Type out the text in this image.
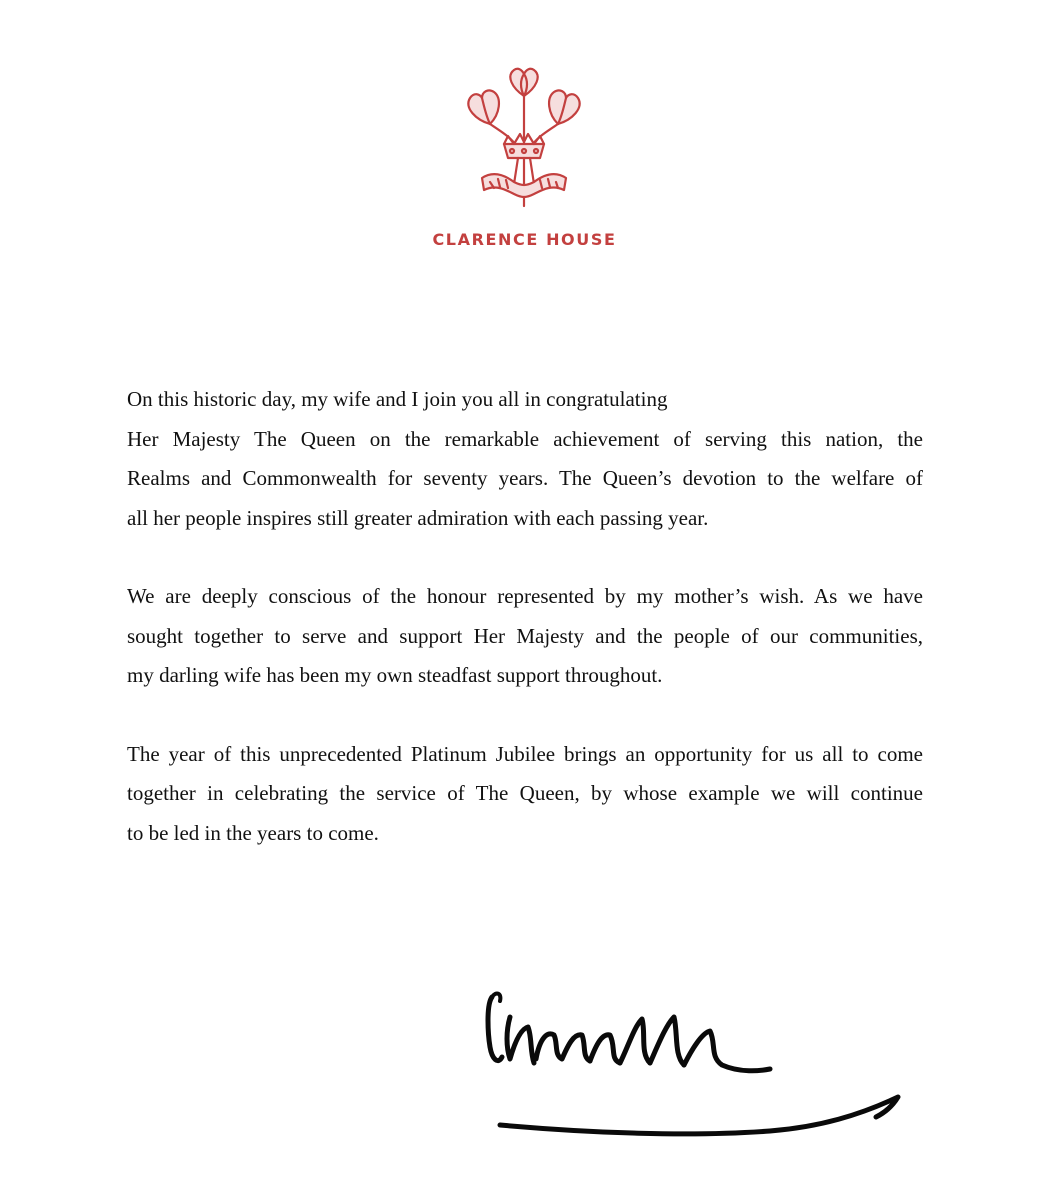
CLARENCE HOUSE

On this historic day, my wife and I join you all in congratulating
Her Majesty The Queen on the remarkable achievement of serving this nation, the
Realms and Commonwealth for seventy years. The Queen’s devotion to the welfare of
all her people inspires still greater admiration with each passing year.

We are deeply conscious of the honour represented by my mother’s wish. As we have
sought together to serve and support Her Majesty and the people of our communities,
my darling wife has been my own steadfast support throughout.

The year of this unprecedented Platinum Jubilee brings an opportunity for us all to come
together in celebrating the service of The Queen, by whose example we will continue
to be led in the years to come.
